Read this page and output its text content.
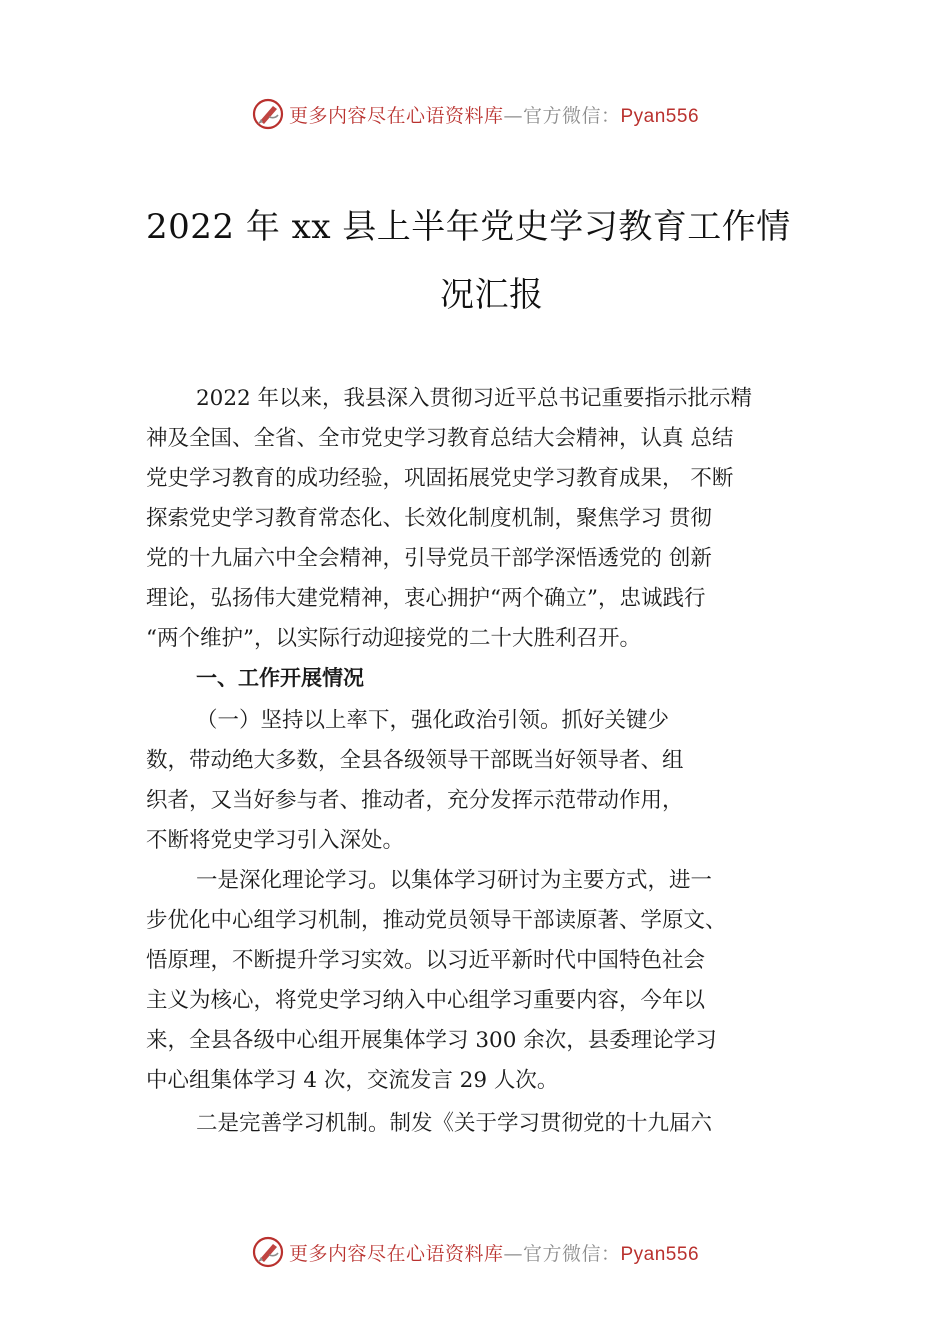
更多内容尽在心语资料库—官方微信：Pyan556
2022 年 xx 县上半年党史学习教育工作情
况汇报
2022 年以来，我县深入贯彻习近平总书记重要指示批示精
神及全国、全省、全市党史学习教育总结大会精神，认真 总结
党史学习教育的成功经验，巩固拓展党史学习教育成果， 不断
探索党史学习教育常态化、长效化制度机制，聚焦学习 贯彻
党的十九届六中全会精神，引导党员干部学深悟透党的 创新
理论，弘扬伟大建党精神，衷心拥护“两个确立”，忠诚践行
“两个维护”，以实际行动迎接党的二十大胜利召开。
一、工作开展情况
（一）坚持以上率下，强化政治引领。抓好关键少
数，带动绝大多数，全县各级领导干部既当好领导者、组
织者，又当好参与者、推动者，充分发挥示范带动作用，
不断将党史学习引入深处。
一是深化理论学习。以集体学习研讨为主要方式，进一
步优化中心组学习机制，推动党员领导干部读原著、学原文、
悟原理，不断提升学习实效。以习近平新时代中国特色社会
主义为核心，将党史学习纳入中心组学习重要内容，今年以
来，全县各级中心组开展集体学习 300 余次，县委理论学习
中心组集体学习 4 次，交流发言 29 人次。
二是完善学习机制。制发《关于学习贯彻党的十九届六
更多内容尽在心语资料库—官方微信：Pyan556
